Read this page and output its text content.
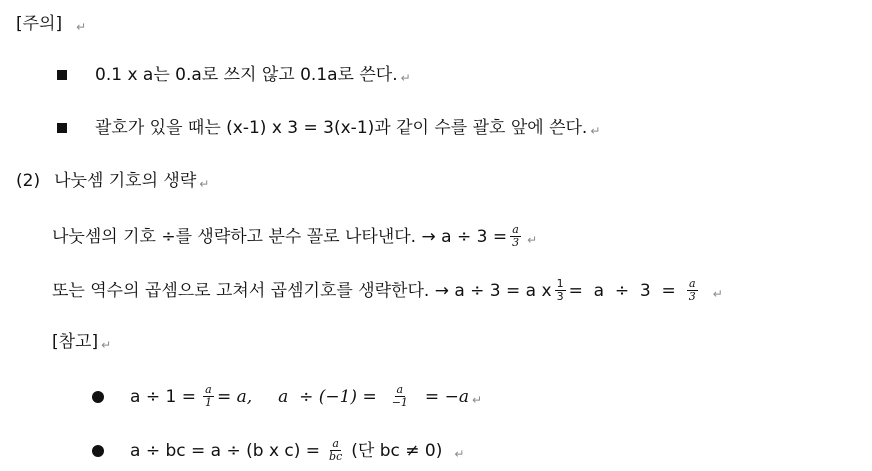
[주의] ↵
0.1 x a는 0.a로 쓰지 않고 0.1a로 쓴다. ↵
괄호가 있을 때는 (x-1) x 3 = 3(x-1)과 같이 수를 괄호 앞에 쓴다. ↵
(2) 나눗셈 기호의 생략 ↵
나눗셈의 기호 ÷를 생략하고 분수 꼴로 나타낸다. → $a \div 3 = \frac{a}{3}$ ↵
또는 역수의 곱셈으로 고쳐서 곱셈기호를 생략한다. → a ÷ 3 = a x $\frac{1}{3} = a \div 3 = \frac{a}{3}$ ↵
[참고] ↵
$a \div 1 = \frac{a}{1} = a$, $a \div (-1) = \frac{a}{-1} = -a$ ↵
a ÷ bc = a ÷ (b x $c) = \frac{a}{bc}$ (단 bc ≠ 0) ↵
